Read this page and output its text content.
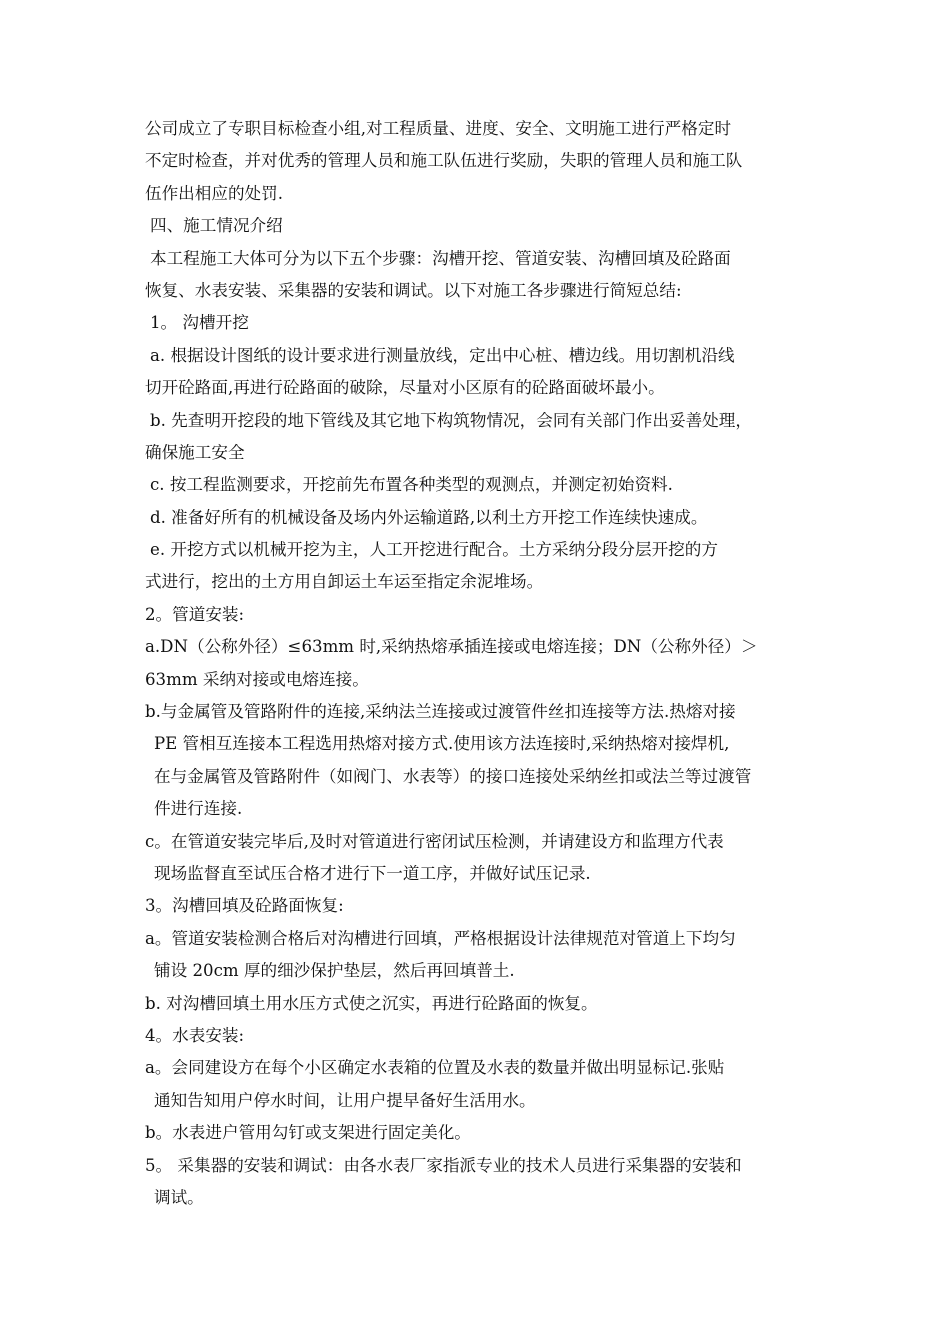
公司成立了专职目标检查小组,对工程质量、进度、安全、文明施工进行严格定时
不定时检查，并对优秀的管理人员和施工队伍进行奖励，失职的管理人员和施工队
伍作出相应的处罚.
四、施工情况介绍
本工程施工大体可分为以下五个步骤：沟槽开挖、管道安装、沟槽回填及砼路面
恢复、水表安装、采集器的安装和调试。以下对施工各步骤进行简短总结:
1。 沟槽开挖
a. 根据设计图纸的设计要求进行测量放线，定出中心桩、槽边线。用切割机沿线
切开砼路面,再进行砼路面的破除，尽量对小区原有的砼路面破坏最小。
b. 先查明开挖段的地下管线及其它地下构筑物情况，会同有关部门作出妥善处理，
确保施工安全
c. 按工程监测要求，开挖前先布置各种类型的观测点，并测定初始资料.
d. 准备好所有的机械设备及场内外运输道路,以利土方开挖工作连续快速成。
e. 开挖方式以机械开挖为主，人工开挖进行配合。土方采纳分段分层开挖的方
式进行，挖出的土方用自卸运土车运至指定余泥堆场。
2。管道安装:
a.DN（公称外径）≤63mm 时,采纳热熔承插连接或电熔连接；DN（公称外径）＞
63mm 采纳对接或电熔连接。
b.与金属管及管路附件的连接,采纳法兰连接或过渡管件丝扣连接等方法.热熔对接
PE 管相互连接本工程选用热熔对接方式.使用该方法连接时,采纳热熔对接焊机,
在与金属管及管路附件（如阀门、水表等）的接口连接处采纳丝扣或法兰等过渡管
件进行连接.
c。在管道安装完毕后,及时对管道进行密闭试压检测，并请建设方和监理方代表
现场监督直至试压合格才进行下一道工序，并做好试压记录.
3。沟槽回填及砼路面恢复:
a。管道安装检测合格后对沟槽进行回填，严格根据设计法律规范对管道上下均匀
铺设 20cm 厚的细沙保护垫层，然后再回填普土.
b. 对沟槽回填土用水压方式使之沉实，再进行砼路面的恢复。
4。水表安装:
a。会同建设方在每个小区确定水表箱的位置及水表的数量并做出明显标记.张贴
通知告知用户停水时间，让用户提早备好生活用水。
b。水表进户管用勾钉或支架进行固定美化。
5。 采集器的安装和调试：由各水表厂家指派专业的技术人员进行采集器的安装和
调试。
